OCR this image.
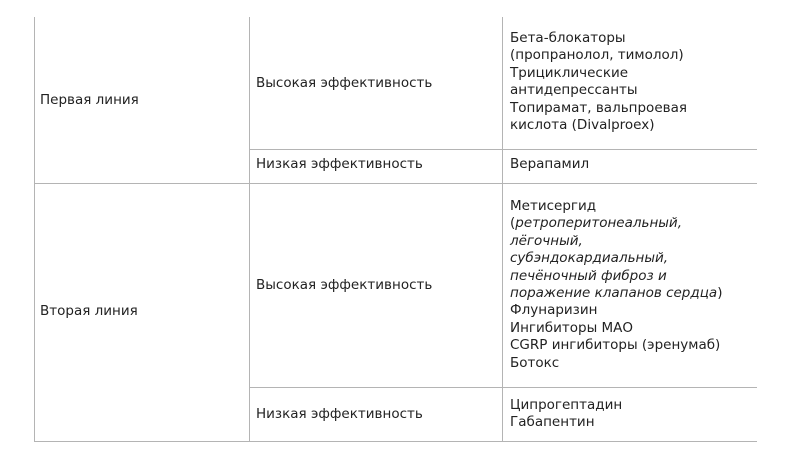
Первая линия
Высокая эффективность
Бета-блокаторы
(пропранолол, тимолол)
Трициклические
антидепрессанты
Топирамат, вальпроевая
кислота (Divalproex)
Низкая эффективность	Верапамил
Вторая линия
Высокая эффективность
Метисергид
(ретроперитонеальный,
лёгочный,
субэндокардиальный,
печёночный фиброз и
поражение клапанов сердца)
Флунаризин
Ингибиторы МАО
CGRP ингибиторы (эренумаб)
Ботокс
Низкая эффективность
Ципрогептадин
Габапентин
